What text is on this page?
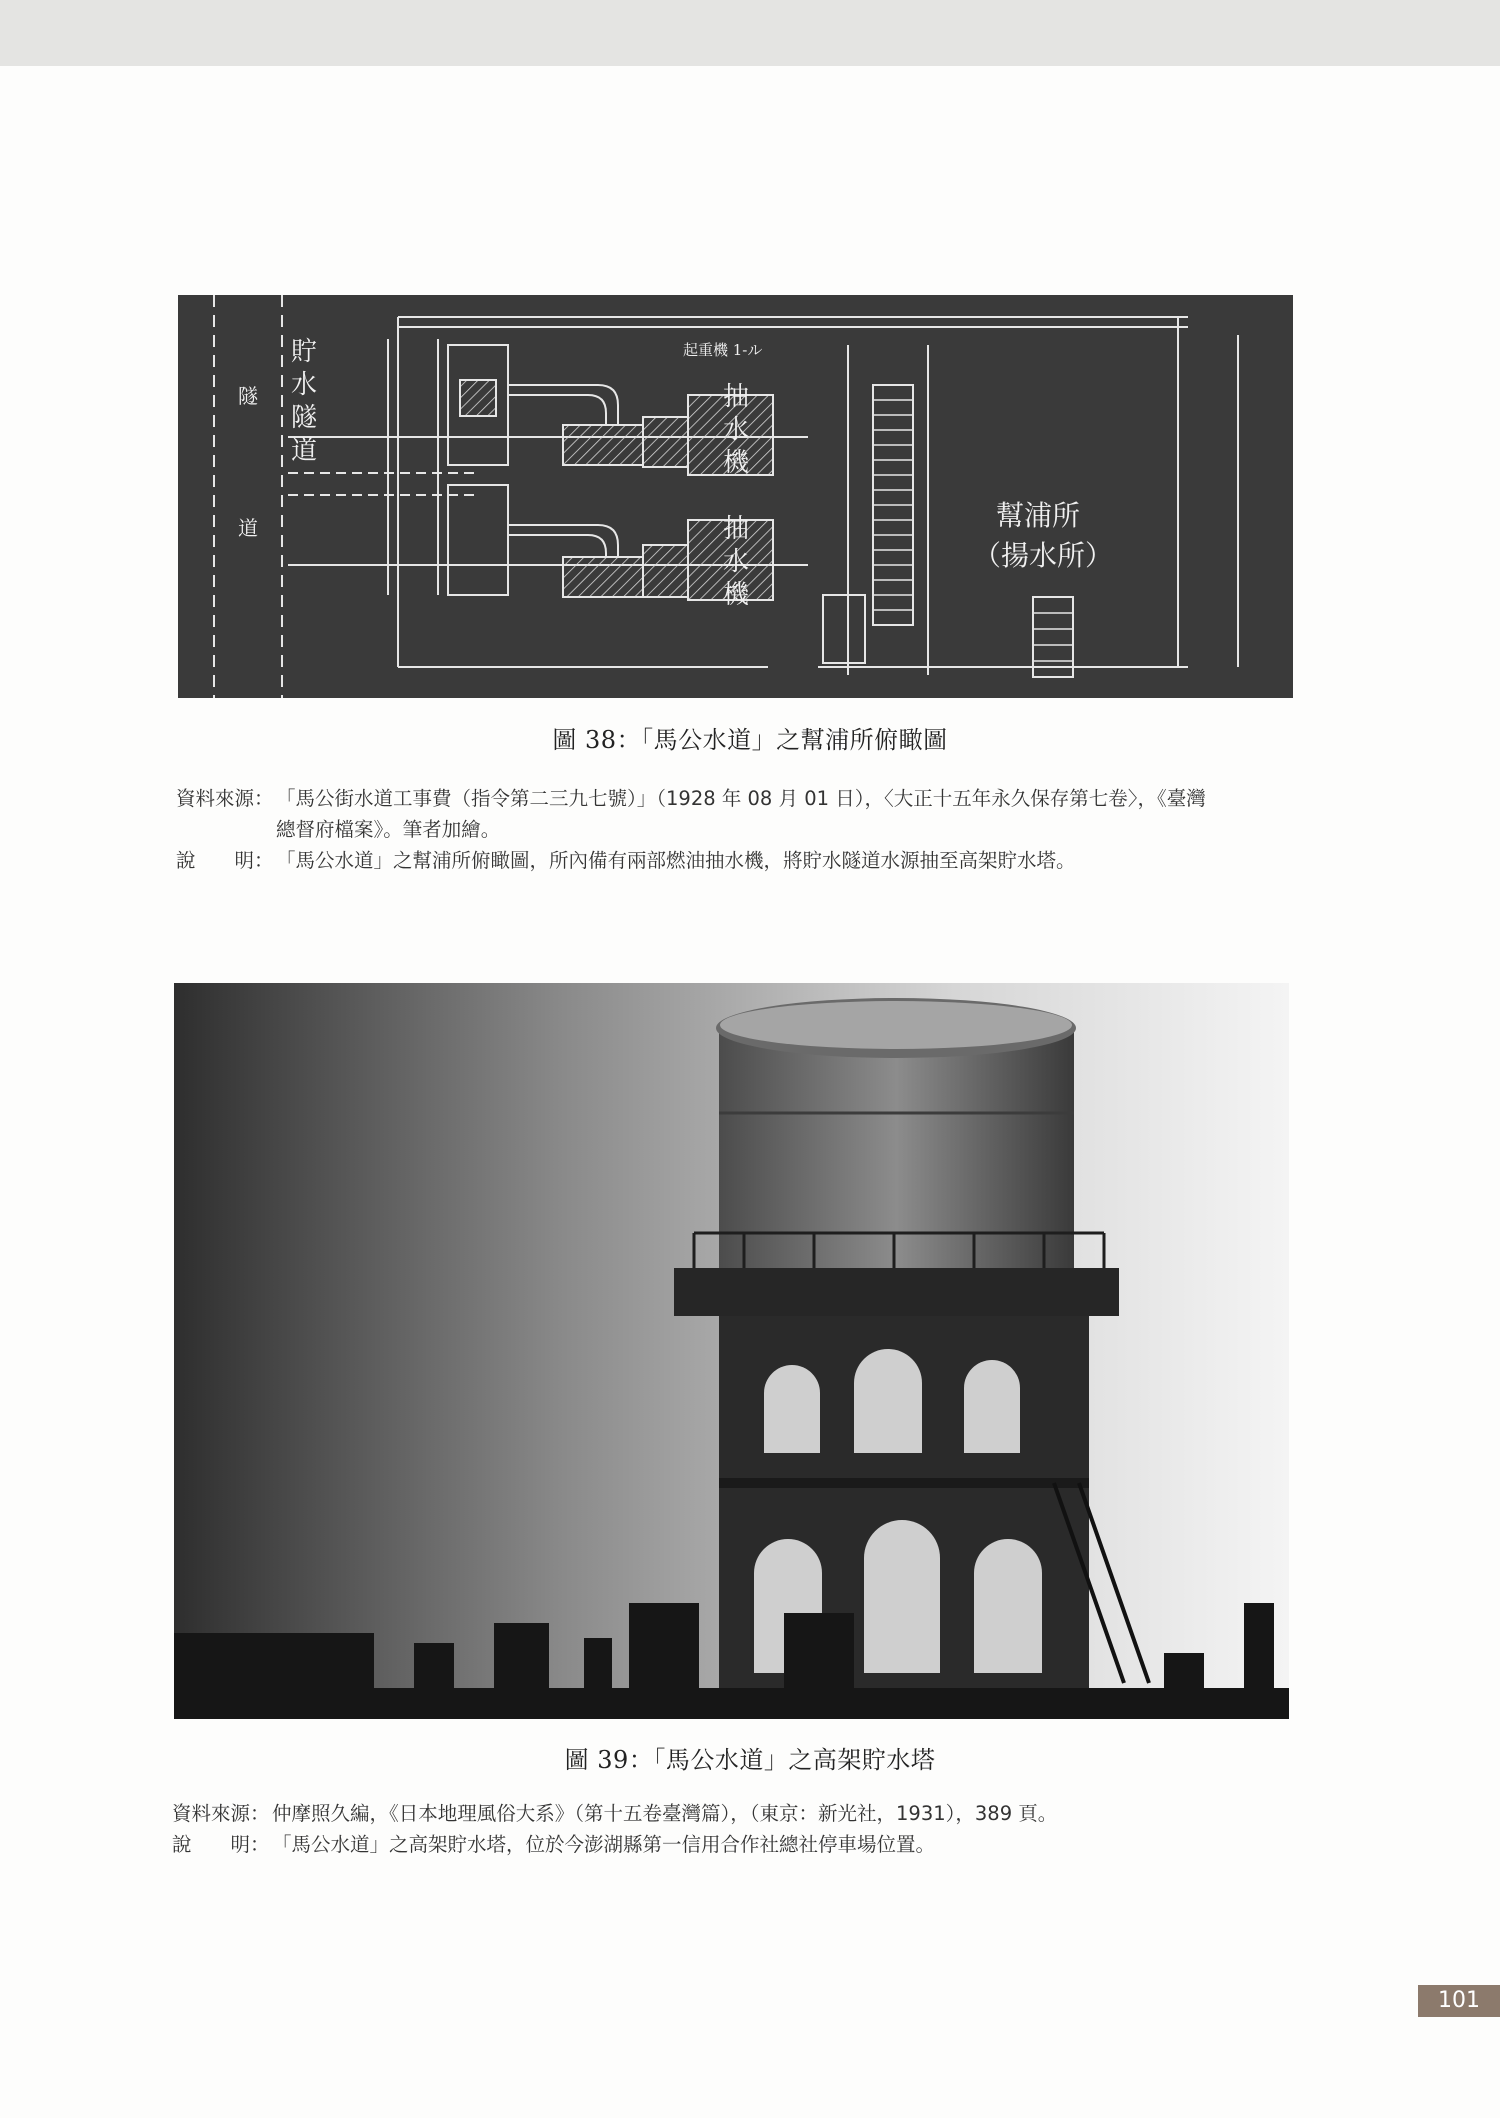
貯
水
隧
道
隧
道
抽
水
機
抽
水
機
幫浦所
（揚水所）
起重機 1-ル
圖 38：「馬公水道」之幫浦所俯瞰圖
資料來源： 「馬公街水道工事費（指令第二三九七號）」（1928 年 08 月 01 日），〈大正十五年永久保存第七卷〉，《臺灣
總督府檔案》。筆者加繪。
說　　明： 「馬公水道」之幫浦所俯瞰圖，所內備有兩部燃油抽水機，將貯水隧道水源抽至高架貯水塔。
圖 39：「馬公水道」之高架貯水塔
資料來源： 仲摩照久編，《日本地理風俗大系》（第十五卷臺灣篇），（東京：新光社，1931），389 頁。
說　　明： 「馬公水道」之高架貯水塔，位於今澎湖縣第一信用合作社總社停車場位置。
101
